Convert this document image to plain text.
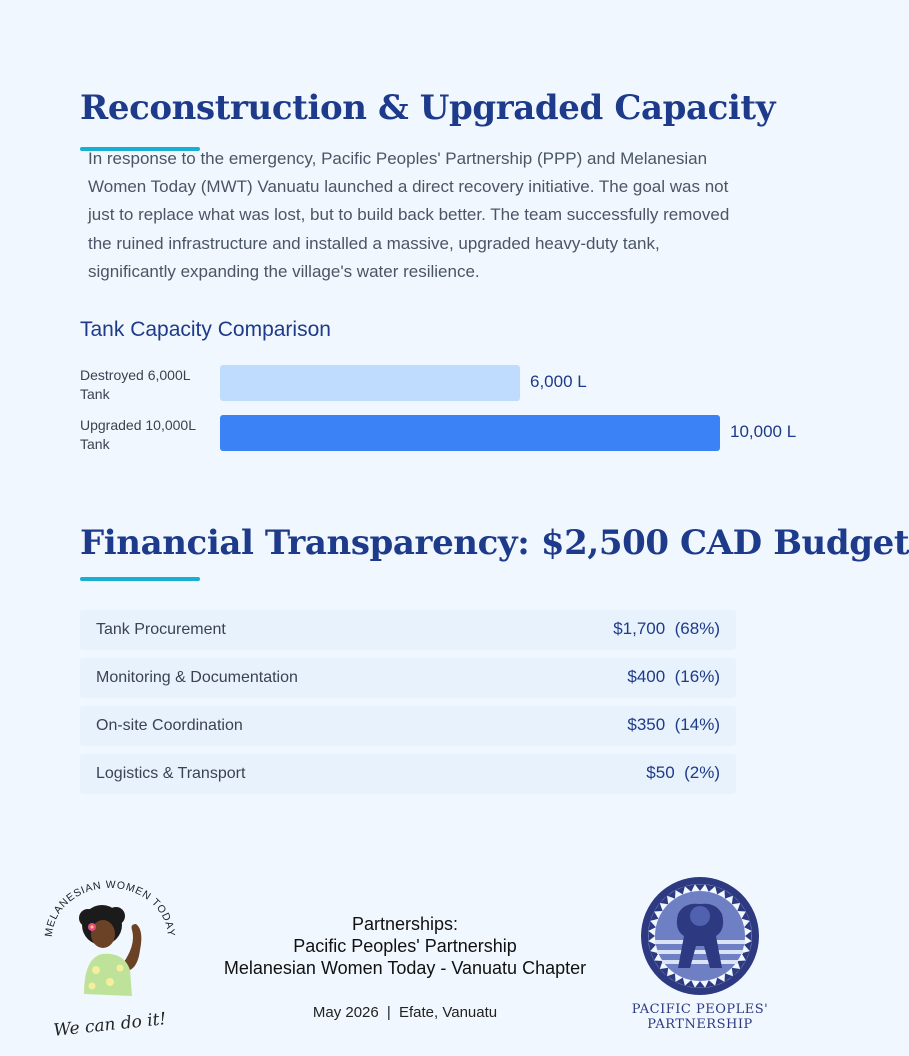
Reconstruction & Upgraded Capacity

In response to the emergency, Pacific Peoples' Partnership (PPP) and Melanesian Women Today (MWT) Vanuatu launched a direct recovery initiative. The goal was not just to replace what was lost, but to build back better. The team successfully removed the ruined infrastructure and installed a massive, upgraded heavy-duty tank, significantly expanding the village's water resilience.

Tank Capacity Comparison
Destroyed 6,000L Tank
6,000 L
Upgraded 10,000L Tank
10,000 L
Financial Transparency: $2,500 CAD Budget
Tank Procurement	$1,700  (68%)
Monitoring & Documentation	$400  (16%)
On-site Coordination	$350  (14%)
Logistics & Transport	$50  (2%)
MELANESIAN WOMEN TODAY
We can do it!
Partnerships:
Pacific Peoples' Partnership
Melanesian Women Today - Vanuatu Chapter
May 2026 | Efate, Vanuatu	PACIFIC PEOPLES'
PARTNERSHIP
